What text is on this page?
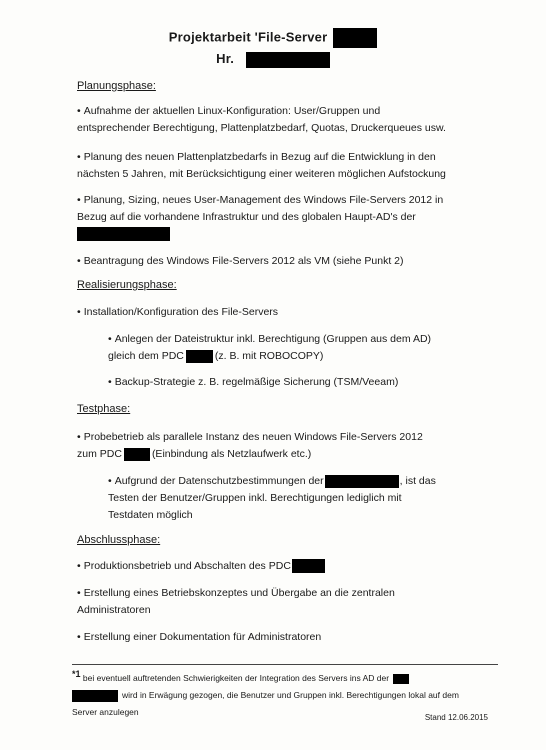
Projektarbeit 'File-Server
Hr.
Planungsphase:
• Aufnahme der aktuellen Linux-Konfiguration: User/Gruppen und
entsprechender Berechtigung, Plattenplatzbedarf, Quotas, Druckerqueues usw.
• Planung des neuen Plattenplatzbedarfs in Bezug auf die Entwicklung in den
nächsten 5 Jahren, mit Berücksichtigung einer weiteren möglichen Aufstockung
• Planung, Sizing, neues User-Management des Windows File-Servers 2012 in
Bezug auf die vorhandene Infrastruktur und des globalen Haupt-AD's der
• Beantragung des Windows File-Servers 2012 als VM (siehe Punkt 2)
Realisierungsphase:
• Installation/Konfiguration des File-Servers
• Anlegen der Dateistruktur inkl. Berechtigung (Gruppen aus dem AD)
gleich dem PDC	(z. B. mit ROBOCOPY)
• Backup-Strategie z. B. regelmäßige Sicherung (TSM/Veeam)
Testphase:
• Probebetrieb als parallele Instanz des neuen Windows File-Servers 2012
zum PDC	(Einbindung als Netzlaufwerk etc.)
• Aufgrund der Datenschutzbestimmungen der	, ist das
Testen der Benutzer/Gruppen inkl. Berechtigungen lediglich mit
Testdaten möglich
Abschlussphase:
• Produktionsbetrieb und Abschalten des PDC
• Erstellung eines Betriebskonzeptes und Übergabe an die zentralen
Administratoren
• Erstellung einer Dokumentation für Administratoren
$^{*1}$ bei eventuell auftretenden Schwierigkeiten der Integration des Servers ins AD der
wird in Erwägung gezogen, die Benutzer und Gruppen inkl. Berechtigungen lokal auf dem
Server anzulegen
Stand 12.06.2015
